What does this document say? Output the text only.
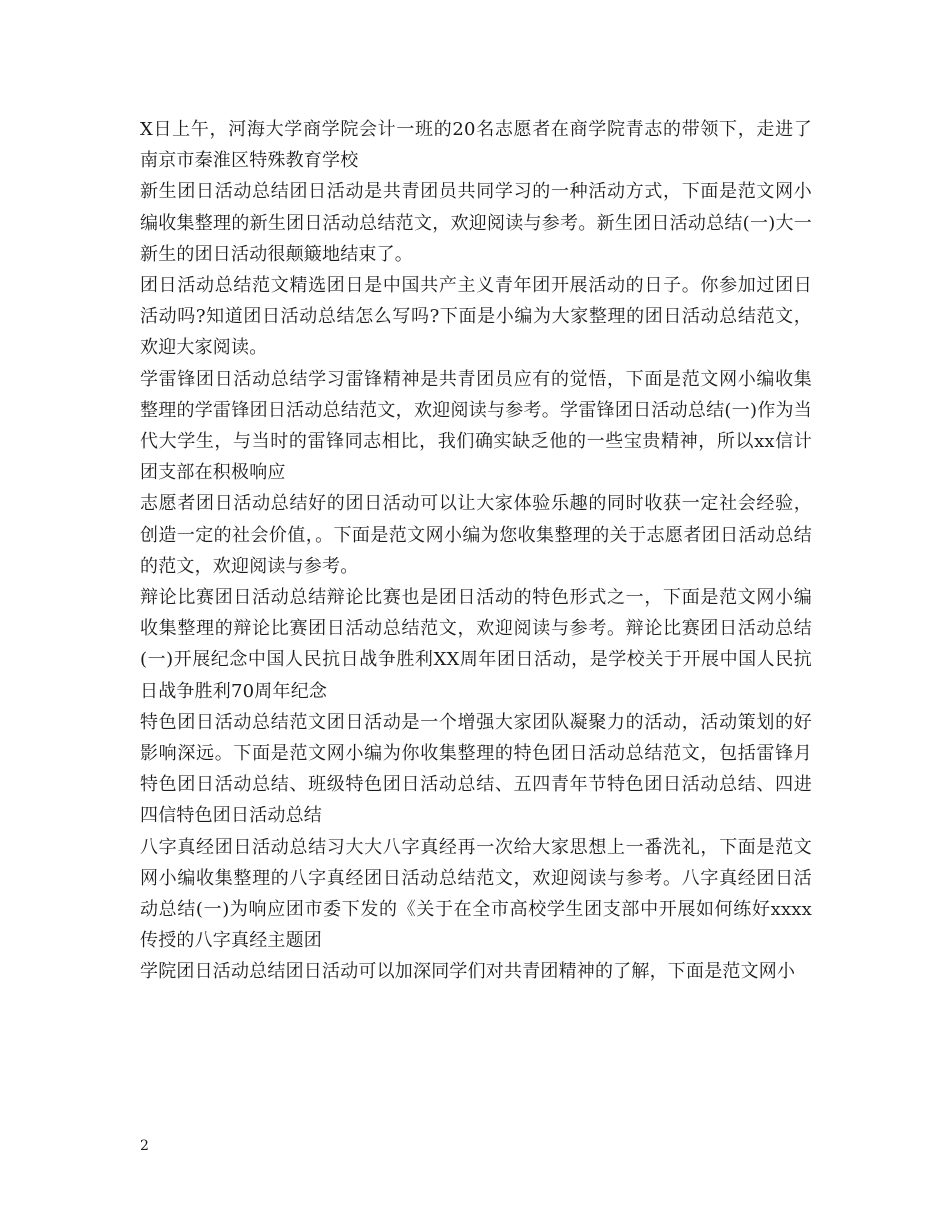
X日上午，河海大学商学院会计一班的20名志愿者在商学院青志的带领下，走进了南京市秦淮区特殊教育学校

新生团日活动总结团日活动是共青团员共同学习的一种活动方式，下面是范文网小编收集整理的新生团日活动总结范文，欢迎阅读与参考。新生团日活动总结(一)大一新生的团日活动很颠簸地结束了。

团日活动总结范文精选团日是中国共产主义青年团开展活动的日子。你参加过团日活动吗?知道团日活动总结怎么写吗?下面是小编为大家整理的团日活动总结范文，欢迎大家阅读。

学雷锋团日活动总结学习雷锋精神是共青团员应有的觉悟，下面是范文网小编收集整理的学雷锋团日活动总结范文，欢迎阅读与参考。学雷锋团日活动总结(一)作为当代大学生，与当时的雷锋同志相比，我们确实缺乏他的一些宝贵精神，所以xx信计团支部在积极响应

志愿者团日活动总结好的团日活动可以让大家体验乐趣的同时收获一定社会经验，创造一定的社会价值，。下面是范文网小编为您收集整理的关于志愿者团日活动总结的范文，欢迎阅读与参考。

辩论比赛团日活动总结辩论比赛也是团日活动的特色形式之一，下面是范文网小编收集整理的辩论比赛团日活动总结范文，欢迎阅读与参考。辩论比赛团日活动总结(一)开展纪念中国人民抗日战争胜利XX周年团日活动，是学校关于开展中国人民抗日战争胜利70周年纪念

特色团日活动总结范文团日活动是一个增强大家团队凝聚力的活动，活动策划的好影响深远。下面是范文网小编为你收集整理的特色团日活动总结范文，包括雷锋月特色团日活动总结、班级特色团日活动总结、五四青年节特色团日活动总结、四进四信特色团日活动总结

八字真经团日活动总结习大大八字真经再一次给大家思想上一番洗礼，下面是范文网小编收集整理的八字真经团日活动总结范文，欢迎阅读与参考。八字真经团日活动总结(一)为响应团市委下发的《关于在全市高校学生团支部中开展如何练好xxxx传授的八字真经主题团

学院团日活动总结团日活动可以加深同学们对共青团精神的了解，下面是范文网小

2
